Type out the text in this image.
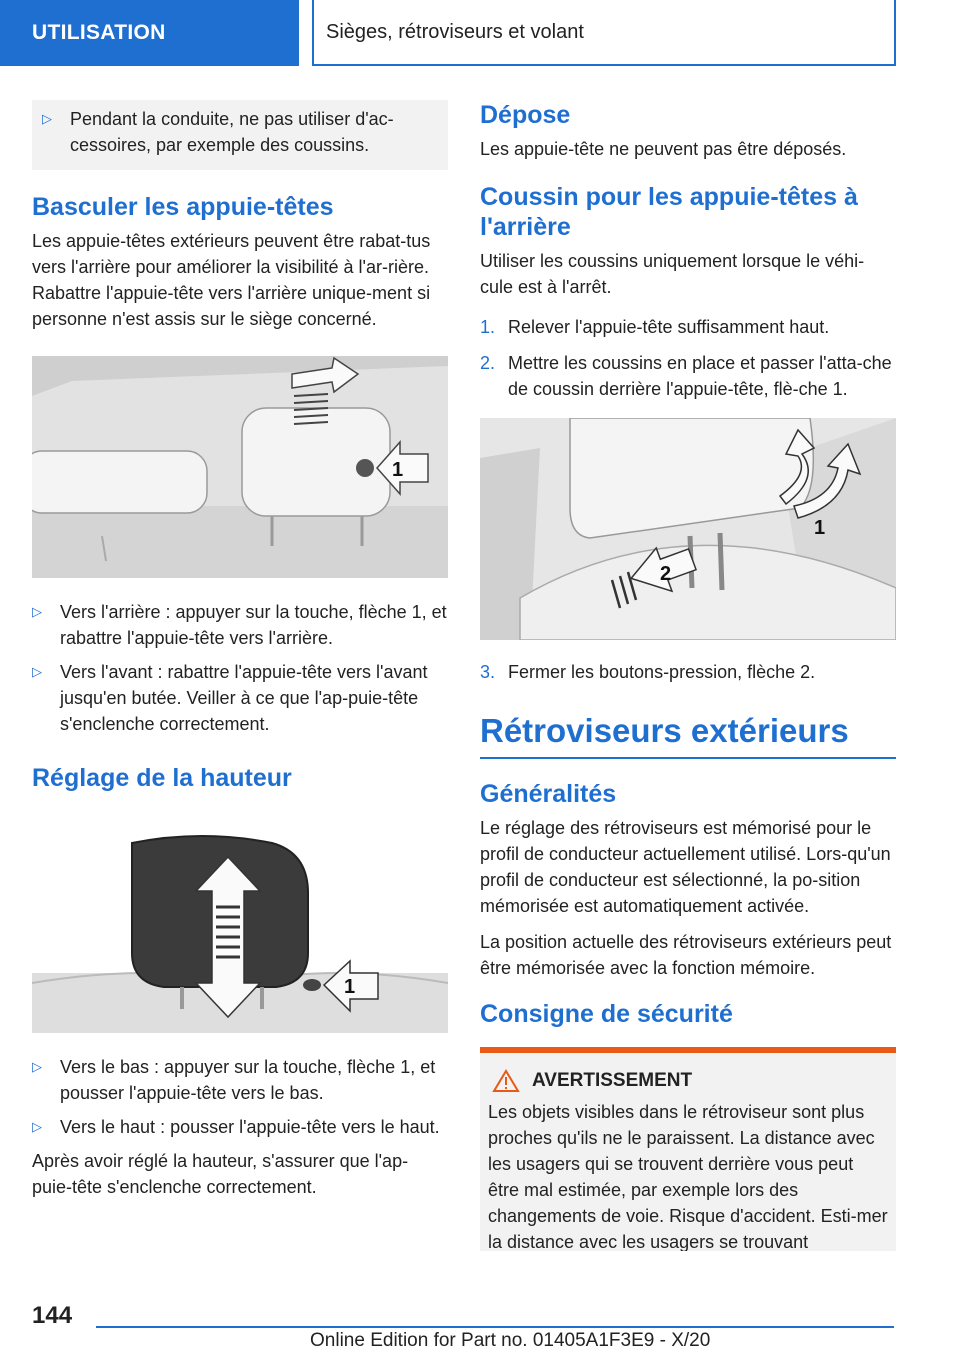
UTILISATION	Sièges, rétroviseurs et volant
▷	Pendant la conduite, ne pas utiliser d'ac-cessoires, par exemple des coussins.
Basculer les appuie-têtes

Les appuie-têtes extérieurs peuvent être rabat-tus vers l'arrière pour améliorer la visibilité à l'ar-rière. Rabattre l'appuie-tête vers l'arrière unique-ment si personne n'est assis sur le siège concerné.

1
▷	Vers l'arrière : appuyer sur la touche, flèche 1, et rabattre l'appuie-tête vers l'arrière.
▷	Vers l'avant : rabattre l'appuie-tête vers l'avant jusqu'en butée. Veiller à ce que l'ap-puie-tête s'enclenche correctement.
Réglage de la hauteur
1
▷	Vers le bas : appuyer sur la touche, flèche 1, et pousser l'appuie-tête vers le bas.
▷	Vers le haut : pousser l'appuie-tête vers le haut.

Après avoir réglé la hauteur, s'assurer que l'ap-puie-tête s'enclenche correctement.

Dépose

Les appuie-tête ne peuvent pas être déposés.

Coussin pour les appuie-têtes à l'arrière

Utiliser les coussins uniquement lorsque le véhi-cule est à l'arrêt.

1. Relever l'appuie-tête suffisamment haut.
2. Mettre les coussins en place et passer l'atta-che de coussin derrière l'appuie-tête, flè-che 1.
1
2
3. Fermer les boutons-pression, flèche 2.
Rétroviseurs extérieurs
Généralités

Le réglage des rétroviseurs est mémorisé pour le profil de conducteur actuellement utilisé. Lors-qu'un profil de conducteur est sélectionné, la po-sition mémorisée est automatiquement activée.

La position actuelle des rétroviseurs extérieurs peut être mémorisée avec la fonction mémoire.

Consigne de sécurité
AVERTISSEMENT

Les objets visibles dans le rétroviseur sont plus proches qu'ils ne le paraissent. La distance avec les usagers qui se trouvent derrière vous peut être mal estimée, par exemple lors des changements de voie. Risque d'accident. Esti-mer la distance avec les usagers se trouvant

144
Online Edition for Part no. 01405A1F3E9 - X/20
